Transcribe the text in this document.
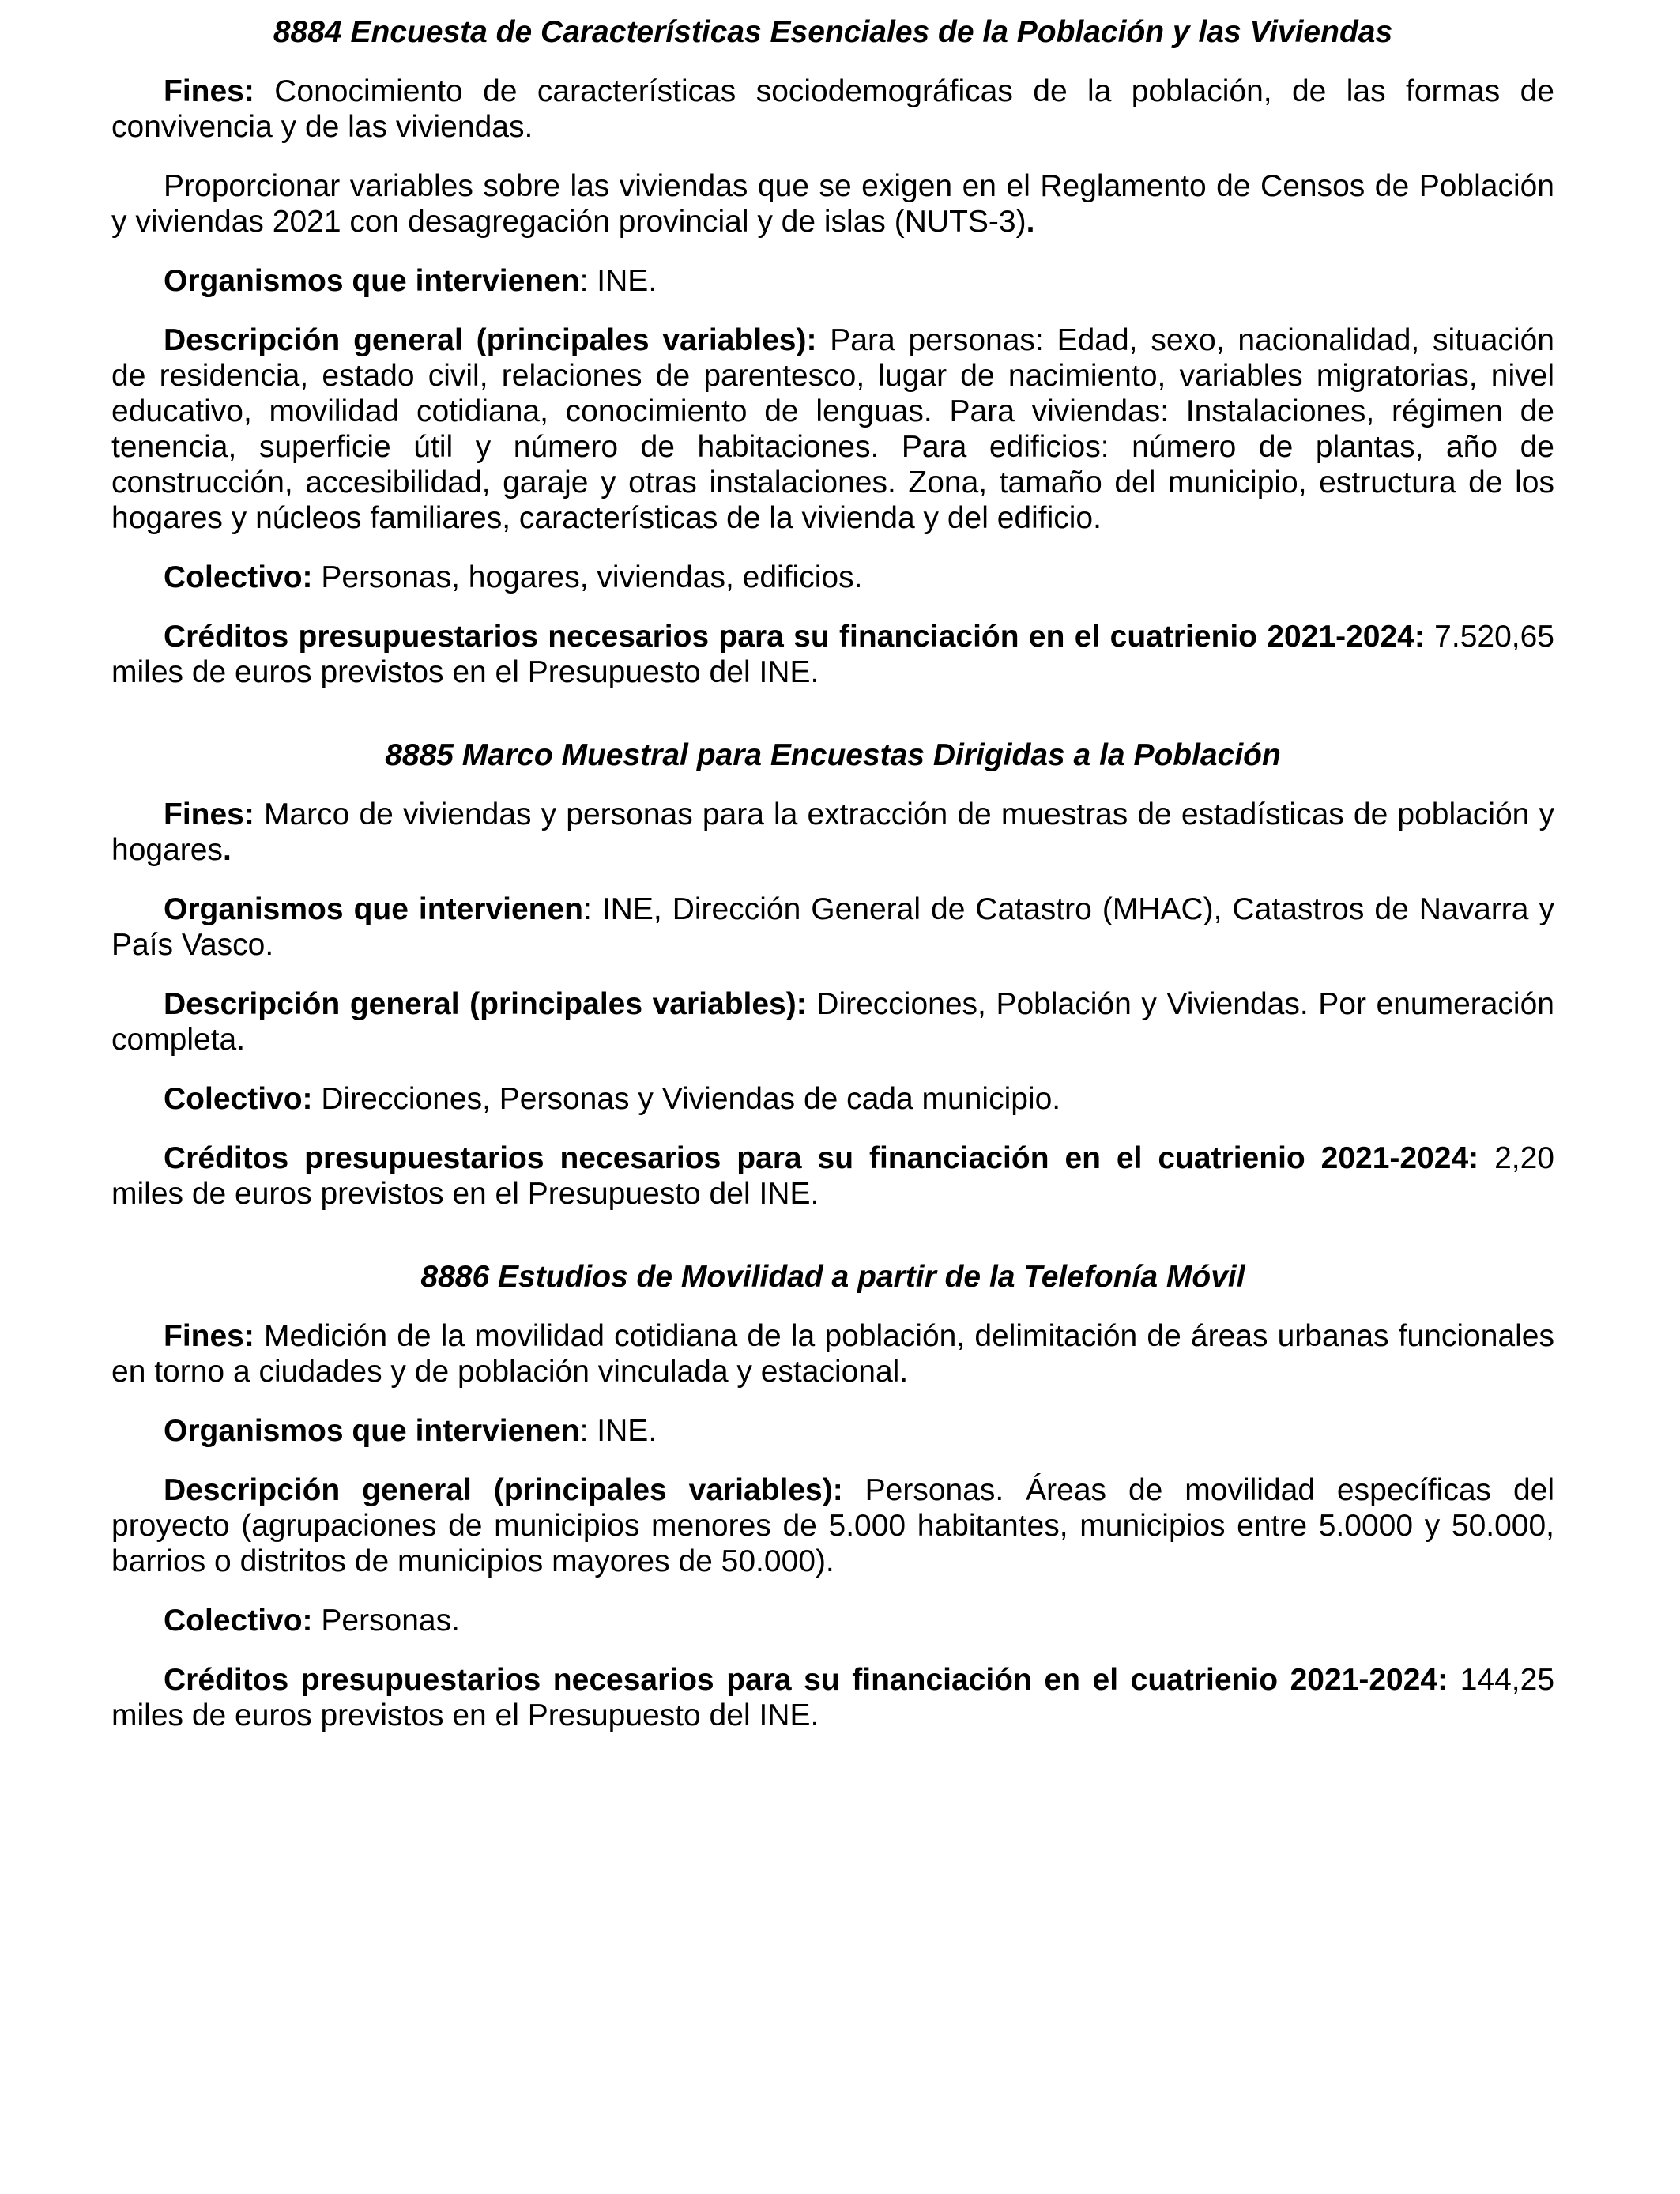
8884 Encuesta de Características Esenciales de la Población y las Viviendas
Fines: Conocimiento de características sociodemográficas de la población, de las formas de convivencia y de las viviendas.
Proporcionar variables sobre las viviendas que se exigen en el Reglamento de Censos de Población y viviendas 2021 con desagregación provincial y de islas (NUTS-3).
Organismos que intervienen: INE.
Descripción general (principales variables): Para personas: Edad, sexo, nacionalidad, situación de residencia, estado civil, relaciones de parentesco, lugar de nacimiento, variables migratorias, nivel educativo, movilidad cotidiana, conocimiento de lenguas. Para viviendas: Instalaciones, régimen de tenencia, superficie útil y número de habitaciones. Para edificios: número de plantas, año de construcción, accesibilidad, garaje y otras instalaciones. Zona, tamaño del municipio, estructura de los hogares y núcleos familiares, características de la vivienda y del edificio.
Colectivo: Personas, hogares, viviendas, edificios.
Créditos presupuestarios necesarios para su financiación en el cuatrienio 2021-2024: 7.520,65 miles de euros previstos en el Presupuesto del INE.
8885 Marco Muestral para Encuestas Dirigidas a la Población
Fines: Marco de viviendas y personas para la extracción de muestras de estadísticas de población y hogares.
Organismos que intervienen: INE, Dirección General de Catastro (MHAC), Catastros de Navarra y País Vasco.
Descripción general (principales variables): Direcciones, Población y Viviendas. Por enumeración completa.
Colectivo: Direcciones, Personas y Viviendas de cada municipio.
Créditos presupuestarios necesarios para su financiación en el cuatrienio 2021-2024: 2,20 miles de euros previstos en el Presupuesto del INE.
8886 Estudios de Movilidad a partir de la Telefonía Móvil
Fines: Medición de la movilidad cotidiana de la población, delimitación de áreas urbanas funcionales en torno a ciudades y de población vinculada y estacional.
Organismos que intervienen: INE.
Descripción general (principales variables): Personas. Áreas de movilidad específicas del proyecto (agrupaciones de municipios menores de 5.000 habitantes, municipios entre 5.0000 y 50.000, barrios o distritos de municipios mayores de 50.000).
Colectivo: Personas.
Créditos presupuestarios necesarios para su financiación en el cuatrienio 2021-2024: 144,25 miles de euros previstos en el Presupuesto del INE.
